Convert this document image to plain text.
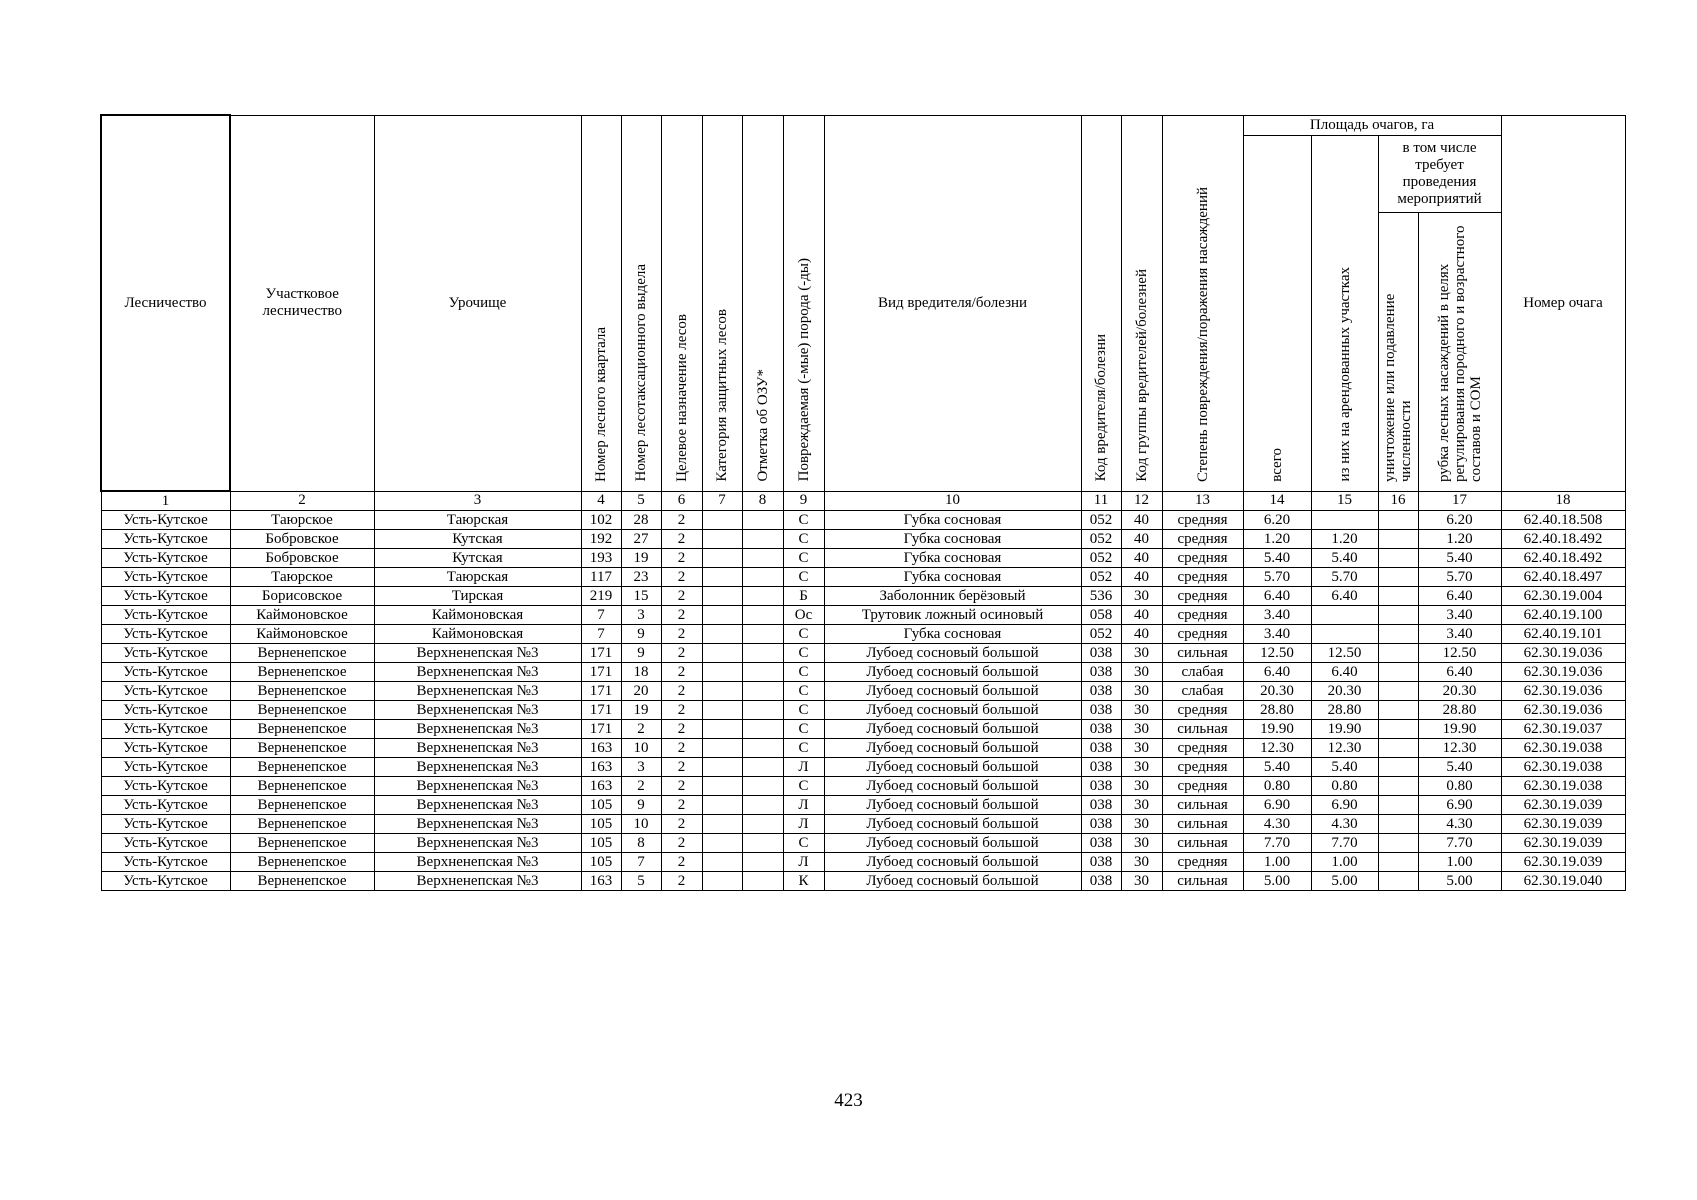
Лесничество	Участковое лесничество	Урочище	Номер лесного квартала	Номер лесотаксационного выдела	Целевое назначение лесов	Категория защитных лесов	Отметка об ОЗУ*	Повреждаемая (-мые) порода (-ды)	Вид вредителя/болезни	Код вредителя/болезни	Код группы вредителей/болезней	Степень повреждения/поражения насаждений	Площадь очагов, га				Номер очага
													всего	из них на арендованных участках	в том числе требует проведения мероприятий		
															уничтожение или подавление численности	рубка лесных насаждений в целях регулирования породного и возрастного составов и СОМ	
1	2	3	4	5	6	7	8	9	10	11	12	13	14	15	16	17	18
Усть-Кутское	Таюрское	Таюрская	102	28	2			С	Губка сосновая	052	40	средняя	6.20			6.20	62.40.18.508
Усть-Кутское	Бобровское	Кутская	192	27	2			С	Губка сосновая	052	40	средняя	1.20	1.20		1.20	62.40.18.492
Усть-Кутское	Бобровское	Кутская	193	19	2			С	Губка сосновая	052	40	средняя	5.40	5.40		5.40	62.40.18.492
Усть-Кутское	Таюрское	Таюрская	117	23	2			С	Губка сосновая	052	40	средняя	5.70	5.70		5.70	62.40.18.497
Усть-Кутское	Борисовское	Тирская	219	15	2			Б	Заболонник берёзовый	536	30	средняя	6.40	6.40		6.40	62.30.19.004
Усть-Кутское	Каймоновское	Каймоновская	7	3	2			Ос	Трутовик ложный осиновый	058	40	средняя	3.40			3.40	62.40.19.100
Усть-Кутское	Каймоновское	Каймоновская	7	9	2			С	Губка сосновая	052	40	средняя	3.40			3.40	62.40.19.101
Усть-Кутское	Верненепское	Верхненепская №3	171	9	2			С	Лубоед сосновый большой	038	30	сильная	12.50	12.50		12.50	62.30.19.036
Усть-Кутское	Верненепское	Верхненепская №3	171	18	2			С	Лубоед сосновый большой	038	30	слабая	6.40	6.40		6.40	62.30.19.036
Усть-Кутское	Верненепское	Верхненепская №3	171	20	2			С	Лубоед сосновый большой	038	30	слабая	20.30	20.30		20.30	62.30.19.036
Усть-Кутское	Верненепское	Верхненепская №3	171	19	2			С	Лубоед сосновый большой	038	30	средняя	28.80	28.80		28.80	62.30.19.036
Усть-Кутское	Верненепское	Верхненепская №3	171	2	2			С	Лубоед сосновый большой	038	30	сильная	19.90	19.90		19.90	62.30.19.037
Усть-Кутское	Верненепское	Верхненепская №3	163	10	2			С	Лубоед сосновый большой	038	30	средняя	12.30	12.30		12.30	62.30.19.038
Усть-Кутское	Верненепское	Верхненепская №3	163	3	2			Л	Лубоед сосновый большой	038	30	средняя	5.40	5.40		5.40	62.30.19.038
Усть-Кутское	Верненепское	Верхненепская №3	163	2	2			С	Лубоед сосновый большой	038	30	средняя	0.80	0.80		0.80	62.30.19.038
Усть-Кутское	Верненепское	Верхненепская №3	105	9	2			Л	Лубоед сосновый большой	038	30	сильная	6.90	6.90		6.90	62.30.19.039
Усть-Кутское	Верненепское	Верхненепская №3	105	10	2			Л	Лубоед сосновый большой	038	30	сильная	4.30	4.30		4.30	62.30.19.039
Усть-Кутское	Верненепское	Верхненепская №3	105	8	2			С	Лубоед сосновый большой	038	30	сильная	7.70	7.70		7.70	62.30.19.039
Усть-Кутское	Верненепское	Верхненепская №3	105	7	2			Л	Лубоед сосновый большой	038	30	средняя	1.00	1.00		1.00	62.30.19.039
Усть-Кутское	Верненепское	Верхненепская №3	163	5	2			К	Лубоед сосновый большой	038	30	сильная	5.00	5.00		5.00	62.30.19.040
423
